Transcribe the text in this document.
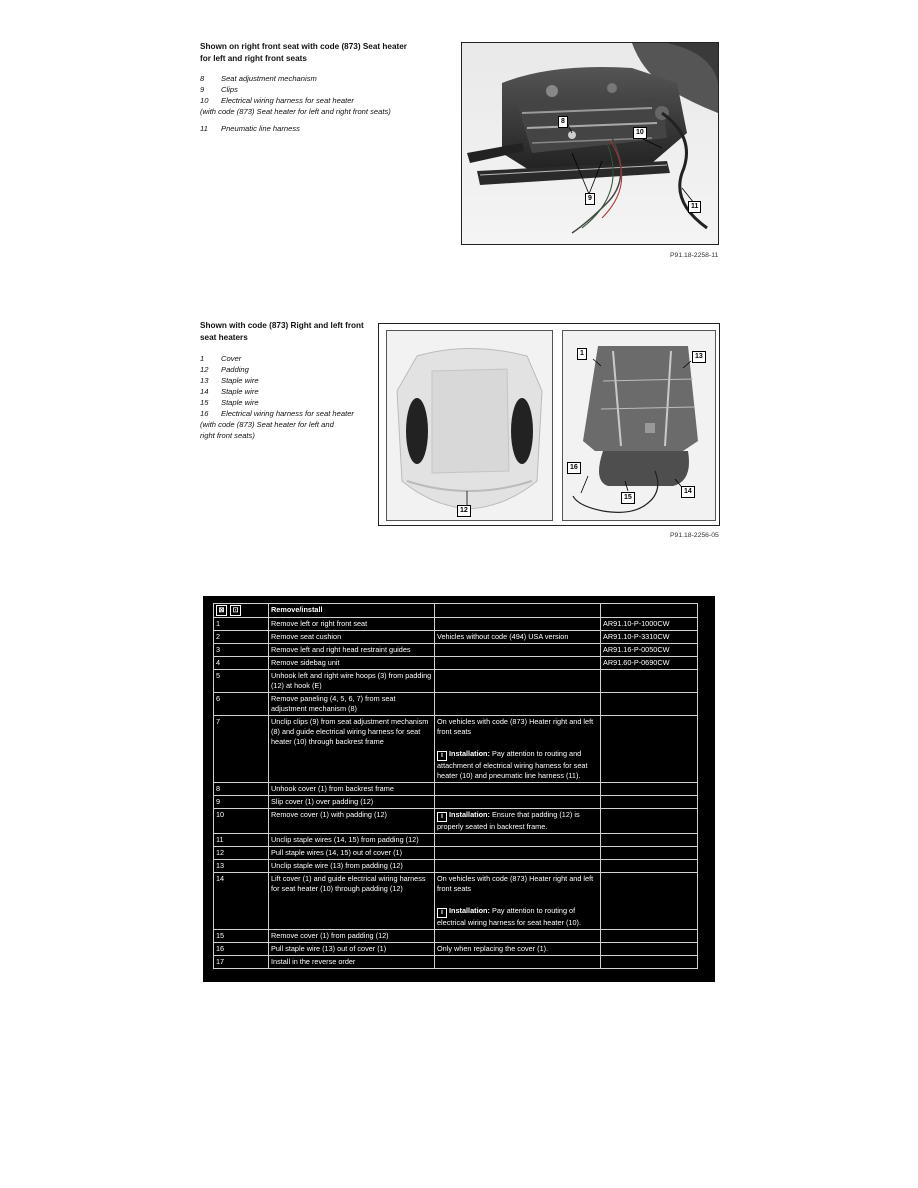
Shown on right front seat with code (873) Seat heater for left and right front seats
8 Seat adjustment mechanism
9 Clips
10 Electrical wiring harness for seat heater
(with code (873) Seat heater for left and right front seats)
11 Pneumatic line harness
8
9
10
11
P91.18-2258-11
Shown with code (873) Right and left front seat heaters
1 Cover
12 Padding
13 Staple wire
14 Staple wire
15 Staple wire
16 Electrical wiring harness for seat heater
(with code (873) Seat heater for left and
right front seats)
12
1	13
16
15
14
P91.18-2256-05
⊠ ⊡	Remove/install		
1	Remove left or right front seat		AR91.10-P-1000CW
2	Remove seat cushion	Vehicles without code (494) USA version	AR91.10-P-3310CW
3	Remove left and right head restraint guides		AR91.16-P-0050CW
4	Remove sidebag unit		AR91.60-P-0690CW
5	Unhook left and right wire hoops (3) from padding (12) at hook (E)		
6	Remove paneling (4, 5, 6, 7) from seat adjustment mechanism (8)		
7	Unclip clips (9) from seat adjustment mechanism (8) and guide electrical wiring harness for seat heater (10) through backrest frame	On vehicles with code (873) Heater right and left front seats
i Installation: Pay attention to routing and attachment of electrical wiring harness for seat heater (10) and pneumatic line harness (11).	

8	Unhook cover (1) from backrest frame		
9	Slip cover (1) over padding (12)		
10	Remove cover (1) with padding (12)	i Installation: Ensure that padding (12) is properly seated in backrest frame.	

11	Unclip staple wires (14, 15) from padding (12)		
12	Pull staple wires (14, 15) out of cover (1)		
13	Unclip staple wire (13) from padding (12)		
14	Lift cover (1) and guide electrical wiring harness for seat heater (10) through padding (12)	On vehicles with code (873) Heater right and left front seats
i Installation: Pay attention to routing of electrical wiring harness for seat heater (10).	

15	Remove cover (1) from padding (12)		
16	Pull staple wire (13) out of cover (1)	Only when replacing the cover (1).	
17	Install in the reverse order		
